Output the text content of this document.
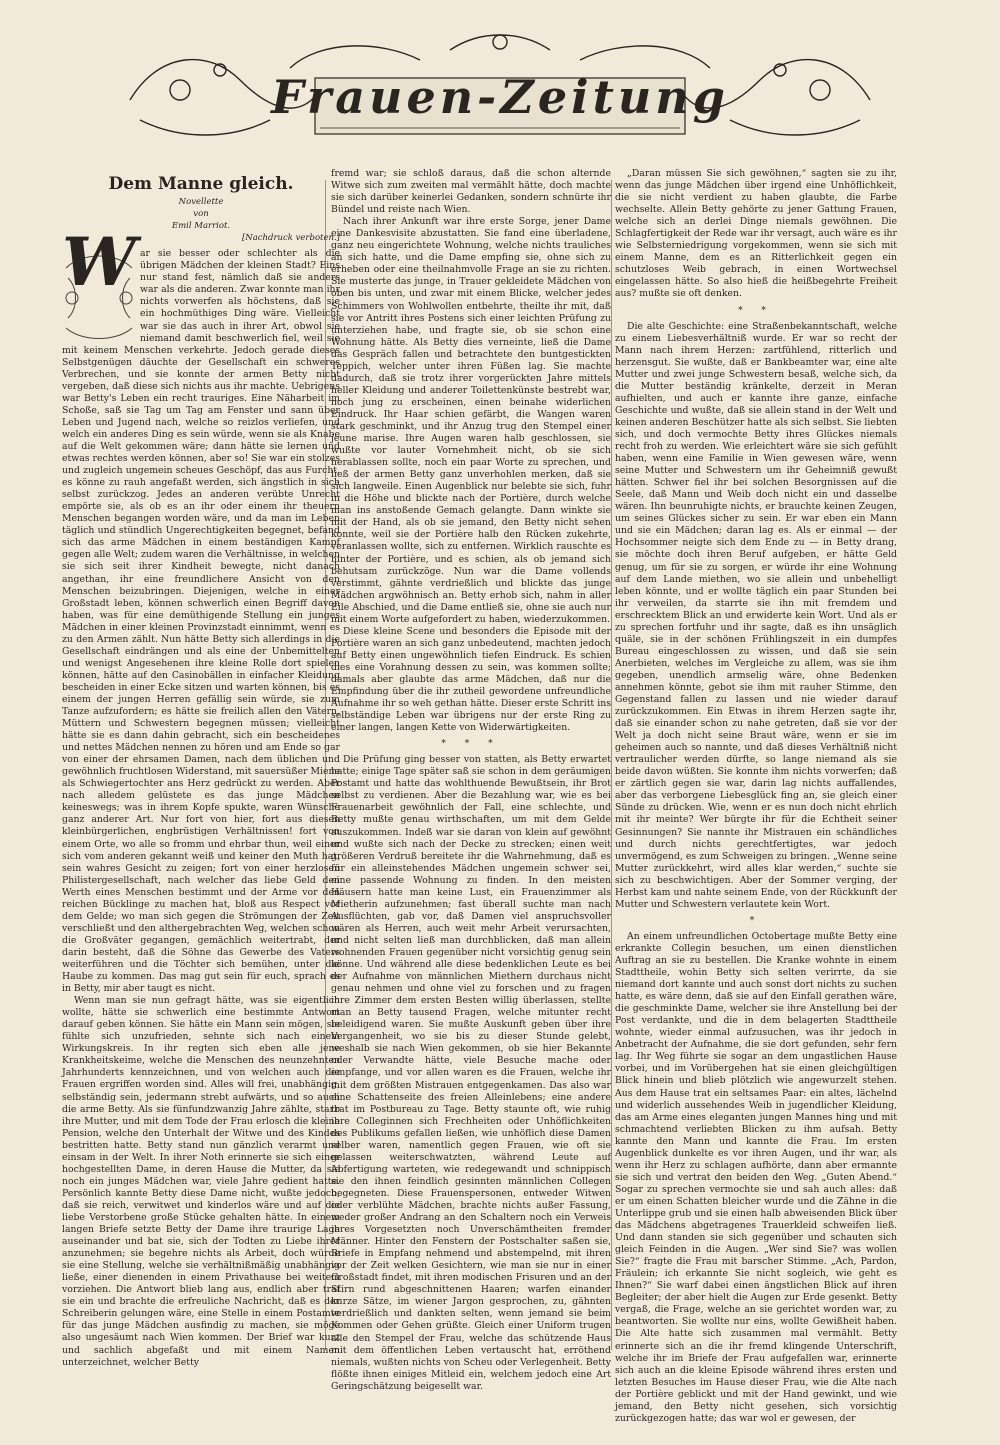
Frauen-Zeitung
Dem Manne gleich.
Novellette
von
Emil Marriot.
[Nachdruck verboten.]
W ar sie besser oder schlechter als die übrigen Mädchen der kleinen Stadt? Eins nur stand fest, nämlich daß sie anders war als die anderen. Zwar konnte man ihr nichts vorwerfen als höchstens, daß sie ein hochmüthiges Ding wäre. Vielleicht war sie das auch in ihrer Art, obwol sie niemand damit beschwerlich fiel, weil sie mit keinem Menschen verkehrte. Jedoch gerade dieses Selbstgenügen däuchte der Gesellschaft ein schweres Verbrechen, und sie konnte der armen Betty nicht vergeben, daß diese sich nichts aus ihr machte. Uebrigens war Betty's Leben ein recht trauriges. Eine Näharbeit im Schoße, saß sie Tag um Tag am Fenster und sann über Leben und Jugend nach, welche so reizlos verliefen, und welch ein anderes Ding es sein würde, wenn sie als Knabe auf die Welt gekommen wäre; dann hätte sie lernen und etwas rechtes werden können, aber so! Sie war ein stolzes und zugleich ungemein scheues Geschöpf, das aus Furcht, es könne zu rauh angefaßt werden, sich ängstlich in sich selbst zurückzog. Jedes an anderen verübte Unrecht empörte sie, als ob es an ihr oder einem ihr theuern Menschen begangen worden wäre, und da man im Leben täglich und stündlich Ungerechtigkeiten begegnet, befand sich das arme Mädchen in einem beständigen Kampf gegen alle Welt; zudem waren die Verhältnisse, in welchen sie sich seit ihrer Kindheit bewegte, nicht danach angethan, ihr eine freundlichere Ansicht von den Menschen beizubringen. Diejenigen, welche in einer Großstadt leben, können schwerlich einen Begriff davon haben, was für eine demüthigende Stellung ein junges Mädchen in einer kleinen Provinzstadt einnimmt, wenn es zu den Armen zählt. Nun hätte Betty sich allerdings in die Gesellschaft eindrängen und als eine der Unbemittelten und wenigst Angesehenen ihre kleine Rolle dort spielen können, hätte auf den Casinobällen in einfacher Kleidung bescheiden in einer Ecke sitzen und warten können, bis es einem der jungen Herren gefällig sein würde, sie zum Tanze aufzufordern; es hätte sie freilich allen den Vätern, Müttern und Schwestern begegnen müssen; vielleicht hätte sie es dann dahin gebracht, sich ein bescheidenes und nettes Mädchen nennen zu hören und am Ende so gar von einer der ehrsamen Damen, nach dem üblichen und gewöhnlich fruchtlosen Widerstand, mit sauersüßer Miene als Schwiegertochter ans Herz gedrückt zu werden. Aber nach alledem gelüstete es das junge Mädchen keineswegs; was in ihrem Kopfe spukte, waren Wünsche ganz anderer Art. Nur fort von hier, fort aus diesen kleinbürgerlichen, engbrüstigen Verhältnissen! fort von einem Orte, wo alle so fromm und ehrbar thun, weil einer sich vom anderen gekannt weiß und keiner den Muth hat, sein wahres Gesicht zu zeigen; fort von einer herzlosen Philistergesellschaft, nach welcher das liebe Geld den Werth eines Menschen bestimmt und der Arme vor den reichen Bücklinge zu machen hat, bloß aus Respect vor dem Gelde; wo man sich gegen die Strömungen der Zeit verschließt und den althergebrachten Weg, welchen schon die Großväter gegangen, gemächlich weitertrabt, der darin besteht, daß die Söhne das Gewerbe des Vaters weiterführen und die Töchter sich bemühen, unter die Haube zu kommen. Das mag gut sein für euch, sprach es in Betty, mir aber taugt es nicht.

Wenn man sie nun gefragt hätte, was sie eigentlich wollte, hätte sie schwerlich eine bestimmte Antwort darauf geben können. Sie hätte ein Mann sein mögen, sie fühlte sich unzufrieden, sehnte sich nach einem Wirkungskreis. In ihr regten sich eben alle jene Krankheitskeime, welche die Menschen des neunzehnten Jahrhunderts kennzeichnen, und von welchen auch die Frauen ergriffen worden sind. Alles will frei, unabhängig, selbständig sein, jedermann strebt aufwärts, und so auch die arme Betty. Als sie fünfundzwanzig Jahre zählte, starb ihre Mutter, und mit dem Tode der Frau erlosch die kleine Pension, welche den Unterhalt der Witwe und des Kindes bestritten hatte. Betty stand nun gänzlich verarmt und einsam in der Welt. In ihrer Noth erinnerte sie sich einer hochgestellten Dame, in deren Hause die Mutter, da sie noch ein junges Mädchen war, viele Jahre gedient hatte. Persönlich kannte Betty diese Dame nicht, wußte jedoch, daß sie reich, verwitwet und kinderlos wäre und auf die liebe Verstorbene große Stücke gehalten hätte. In einem langen Briefe setzte Betty der Dame ihre traurige Lage auseinander und bat sie, sich der Todten zu Liebe ihrer anzunehmen; sie begehre nichts als Arbeit, doch würde sie eine Stellung, welche sie verhältnißmäßig unabhängig ließe, einer dienenden in einem Privathause bei weitem vorziehen. Die Antwort blieb lang aus, endlich aber traf sie ein und brachte die erfreuliche Nachricht, daß es der Schreiberin gelungen wäre, eine Stelle in einem Postamte für das junge Mädchen ausfindig zu machen, sie möge also ungesäumt nach Wien kommen. Der Brief war kurz und sachlich abgefaßt und mit einem Namen unterzeichnet, welcher Betty

fremd war; sie schloß daraus, daß die schon alternde Witwe sich zum zweiten mal vermählt hätte, doch machte sie sich darüber keinerlei Gedanken, sondern schnürte ihr Bündel und reiste nach Wien.

Nach ihrer Ankunft war ihre erste Sorge, jener Dame eine Dankesvisite abzustatten. Sie fand eine überladene, ganz neu eingerichtete Wohnung, welche nichts trauliches an sich hatte, und die Dame empfing sie, ohne sich zu erheben oder eine theilnahmvolle Frage an sie zu richten. Sie musterte das junge, in Trauer gekleidete Mädchen von oben bis unten, und zwar mit einem Blicke, welcher jedes Schimmers von Wohlwollen entbehrte, theilte ihr mit, daß sie vor Antritt ihres Postens sich einer leichten Prüfung zu unterziehen habe, und fragte sie, ob sie schon eine Wohnung hätte. Als Betty dies verneinte, ließ die Dame das Gespräch fallen und betrachtete den buntgestickten Teppich, welcher unter ihren Füßen lag. Sie machte dadurch, daß sie trotz ihrer vorgerückten Jahre mittels heller Kleidung und anderer Toilettenkünste bestrebt war, noch jung zu erscheinen, einen beinahe widerlichen Eindruck. Ihr Haar schien gefärbt, die Wangen waren stark geschminkt, und ihr Anzug trug den Stempel einer jeune marise. Ihre Augen waren halb geschlossen, sie wußte vor lauter Vornehmheit nicht, ob sie sich herablassen sollte, noch ein paar Worte zu sprechen, und ließ der armen Betty ganz unverhohlen merken, daß sie sich langweile. Einen Augenblick nur belebte sie sich, fuhr in die Höhe und blickte nach der Portière, durch welche man ins anstoßende Gemach gelangte. Dann winkte sie mit der Hand, als ob sie jemand, den Betty nicht sehen konnte, weil sie der Portière halb den Rücken zukehrte, veranlassen wollte, sich zu entfernen. Wirklich rauschte es hinter der Portière, und es schien, als ob jemand sich behutsam zurückzöge. Nun war die Dame vollends verstimmt, gähnte verdrießlich und blickte das junge Mädchen argwöhnisch an. Betty erhob sich, nahm in aller Eile Abschied, und die Dame entließ sie, ohne sie auch nur mit einem Worte aufgefordert zu haben, wiederzukommen.

Diese kleine Scene und besonders die Episode mit der Portière waren an sich ganz unbedeutend, machten jedoch auf Betty einen ungewöhnlich tiefen Eindruck. Es schien dies eine Vorahnung dessen zu sein, was kommen sollte; damals aber glaubte das arme Mädchen, daß nur die Empfindung über die ihr zutheil gewordene unfreundliche Aufnahme ihr so weh gethan hätte. Dieser erste Schritt ins selbständige Leben war übrigens nur der erste Ring zu einer langen, langen Kette von Widerwärtigkeiten.

* * *

Die Prüfung ging besser von statten, als Betty erwartet hatte; einige Tage später saß sie schon in dem geräumigen Postamt und hatte das wohlthuende Bewußtsein, ihr Brot selbst zu verdienen. Aber die Bezahlung war, wie es bei Frauenarbeit gewöhnlich der Fall, eine schlechte, und Betty mußte genau wirthschaften, um mit dem Gelde auszukommen. Indeß war sie daran von klein auf gewöhnt und wußte sich nach der Decke zu strecken; einen weit größeren Verdruß bereitete ihr die Wahrnehmung, daß es für ein alleinstehendes Mädchen ungemein schwer sei, eine passende Wohnung zu finden. In den meisten Häusern hatte man keine Lust, ein Frauenzimmer als Mietherin aufzunehmen; fast überall suchte man nach Ausflüchten, gab vor, daß Damen viel anspruchsvoller wären als Herren, auch weit mehr Arbeit verursachten, und nicht selten ließ man durchblicken, daß man allein wohnenden Frauen gegenüber nicht vorsichtig genug sein könne. Und während alle diese bedenklichen Leute es bei der Aufnahme von männlichen Miethern durchaus nicht genau nehmen und ohne viel zu forschen und zu fragen ihre Zimmer dem ersten Besten willig überlassen, stellte man an Betty tausend Fragen, welche mitunter recht beleidigend waren. Sie mußte Auskunft geben über ihre Vergangenheit, wo sie bis zu dieser Stunde gelebt, weshalb sie nach Wien gekommen, ob sie hier Bekannte oder Verwandte hätte, viele Besuche mache oder empfange, und vor allen waren es die Frauen, welche ihr mit dem größten Mistrauen entgegenkamen. Das also war eine Schattenseite des freien Alleinlebens; eine andere trat im Postbureau zu Tage. Betty staunte oft, wie ruhig ihre Colleginnen sich Frechheiten oder Unhöflichkeiten des Publikums gefallen ließen, wie unhöflich diese Damen selber waren, namentlich gegen Frauen, wie oft sie gelassen weiterschwatzten, während Leute auf Abfertigung warteten, wie redegewandt und schnippisch sie den ihnen feindlich gesinnten männlichen Collegen begegneten. Diese Frauenspersonen, entweder Witwen oder verblühte Mädchen, brachte nichts außer Fassung, weder großer Andrang an den Schaltern noch ein Verweis ihres Vorgesetzten noch Unverschämtheiten fremder Männer. Hinter den Fenstern der Postschalter saßen sie, Briefe in Empfang nehmend und abstempelnd, mit ihren vor der Zeit welken Gesichtern, wie man sie nur in einer Großstadt findet, mit ihren modischen Frisuren und an der Stirn rund abgeschnittenen Haaren; warfen einander kurze Sätze, im wiener Jargon gesprochen, zu, gähnten verdrießlich und dankten selten, wenn jemand sie beim Kommen oder Gehen grüßte. Gleich einer Uniform trugen alle den Stempel der Frau, welche das schützende Haus mit dem öffentlichen Leben vertauscht hat, erröthend niemals, wußten nichts von Scheu oder Verlegenheit. Betty flößte ihnen einiges Mitleid ein, welchem jedoch eine Art Geringschätzung beigesellt war.

„Daran müssen Sie sich gewöhnen,“ sagten sie zu ihr, wenn das junge Mädchen über irgend eine Unhöflichkeit, die sie nicht verdient zu haben glaubte, die Farbe wechselte. Allein Betty gehörte zu jener Gattung Frauen, welche sich an derlei Dinge niemals gewöhnen. Die Schlagfertigkeit der Rede war ihr versagt, auch wäre es ihr wie Selbsterniedrigung vorgekommen, wenn sie sich mit einem Manne, dem es an Ritterlichkeit gegen ein schutzloses Weib gebrach, in einen Wortwechsel eingelassen hätte. So also hieß die heißbegehrte Freiheit aus? mußte sie oft denken.

* *

Die alte Geschichte: eine Straßenbekanntschaft, welche zu einem Liebesverhältniß wurde. Er war so recht der Mann nach ihrem Herzen: zartfühlend, ritterlich und herzensgut. Sie wußte, daß er Bankbeamter war, eine alte Mutter und zwei junge Schwestern besaß, welche sich, da die Mutter beständig kränkelte, derzeit in Meran aufhielten, und auch er kannte ihre ganze, einfache Geschichte und wußte, daß sie allein stand in der Welt und keinen anderen Beschützer hatte als sich selbst. Sie liebten sich, und doch vermochte Betty ihres Glückes niemals recht froh zu werden. Wie erleichtert wäre sie sich gefühlt haben, wenn eine Familie in Wien gewesen wäre, wenn seine Mutter und Schwestern um ihr Geheimniß gewußt hätten. Schwer fiel ihr bei solchen Besorgnissen auf die Seele, daß Mann und Weib doch nicht ein und dasselbe wären. Ihn beunruhigte nichts, er brauchte keinen Zeugen, um seines Glückes sicher zu sein. Er war eben ein Mann und sie ein Mädchen; daran lag es. Als er einmal — der Hochsommer neigte sich dem Ende zu — in Betty drang, sie möchte doch ihren Beruf aufgeben, er hätte Geld genug, um für sie zu sorgen, er würde ihr eine Wohnung auf dem Lande miethen, wo sie allein und unbehelligt leben könnte, und er wollte täglich ein paar Stunden bei ihr verweilen, da starrte sie ihn mit fremdem und erschrecktem Blick an und erwiderte kein Wort. Und als er zu sprechen fortfuhr und ihr sagte, daß es ihn unsäglich quäle, sie in der schönen Frühlingszeit in ein dumpfes Bureau eingeschlossen zu wissen, und daß sie sein Anerbieten, welches im Vergleiche zu allem, was sie ihm gegeben, unendlich armselig wäre, ohne Bedenken annehmen könnte, gebot sie ihm mit rauher Stimme, den Gegenstand fallen zu lassen und nie wieder darauf zurückzukommen. Ein Etwas in ihrem Herzen sagte ihr, daß sie einander schon zu nahe getreten, daß sie vor der Welt ja doch nicht seine Braut wäre, wenn er sie im geheimen auch so nannte, und daß dieses Verhältniß nicht vertraulicher werden dürfte, so lange niemand als sie beide davon wüßten. Sie konnte ihm nichts vorwerfen; daß er zärtlich gegen sie war, darin lag nichts auffallendes, aber das verborgene Liebesglück fing an, sie gleich einer Sünde zu drücken. Wie, wenn er es nun doch nicht ehrlich mit ihr meinte? Wer bürgte ihr für die Echtheit seiner Gesinnungen? Sie nannte ihr Mistrauen ein schändliches und durch nichts gerechtfertigtes, war jedoch unvermögend, es zum Schweigen zu bringen. „Wenne seine Mutter zurückkehrt, wird alles klar werden,“ suchte sie sich zu beschwichtigen. Aber der Sommer verging, der Herbst kam und nahte seinem Ende, von der Rückkunft der Mutter und Schwestern verlautete kein Wort.

*

An einem unfreundlichen Octobertage mußte Betty eine erkrankte Collegin besuchen, um einen dienstlichen Auftrag an sie zu bestellen. Die Kranke wohnte in einem Stadttheile, wohin Betty sich selten verirrte, da sie niemand dort kannte und auch sonst dort nichts zu suchen hatte, es wäre denn, daß sie auf den Einfall gerathen wäre, die geschminkte Dame, welcher sie ihre Anstellung bei der Post verdankte, und die in dem belagerten Stadttheile wohnte, wieder einmal aufzusuchen, was ihr jedoch in Anbetracht der Aufnahme, die sie dort gefunden, sehr fern lag. Ihr Weg führte sie sogar an dem ungastlichen Hause vorbei, und im Vorübergehen hat sie einen gleichgültigen Blick hinein und blieb plötzlich wie angewurzelt stehen. Aus dem Hause trat ein seltsames Paar: ein altes, lächelnd und widerlich aussehendes Weib in jugendlicher Kleidung, das am Arme eines eleganten jungen Mannes hing und mit schmachtend verliebten Blicken zu ihm aufsah. Betty kannte den Mann und kannte die Frau. Im ersten Augenblick dunkelte es vor ihren Augen, und ihr war, als wenn ihr Herz zu schlagen aufhörte, dann aber ermannte sie sich und vertrat den beiden den Weg. „Guten Abend.“ Sogar zu sprechen vermochte sie und sah auch alles: daß er um einen Schatten bleicher wurde und die Zähne in die Unterlippe grub und sie einen halb abweisenden Blick über das Mädchens abgetragenes Trauerkleid schweifen ließ. Und dann standen sie sich gegenüber und schauten sich gleich Feinden in die Augen. „Wer sind Sie? was wollen Sie?“ fragte die Frau mit barscher Stimme. „Ach, Pardon, Fräulein; ich erkannte Sie nicht sogleich, wie geht es Ihnen?“ Sie warf dabei einen ängstlichen Blick auf ihren Begleiter; der aber hielt die Augen zur Erde gesenkt. Betty vergaß, die Frage, welche an sie gerichtet worden war, zu beantworten. Sie wollte nur eins, wollte Gewißheit haben. Die Alte hatte sich zusammen mal vermählt. Betty erinnerte sich an die ihr fremd klingende Unterschrift, welche ihr im Briefe der Frau aufgefallen war, erinnerte sich auch an die kleine Episode während ihres ersten und letzten Besuches im Hause dieser Frau, wie die Alte nach der Portière geblickt und mit der Hand gewinkt, und wie jemand, den Betty nicht gesehen, sich vorsichtig zurückgezogen hatte; das war wol er gewesen, der
